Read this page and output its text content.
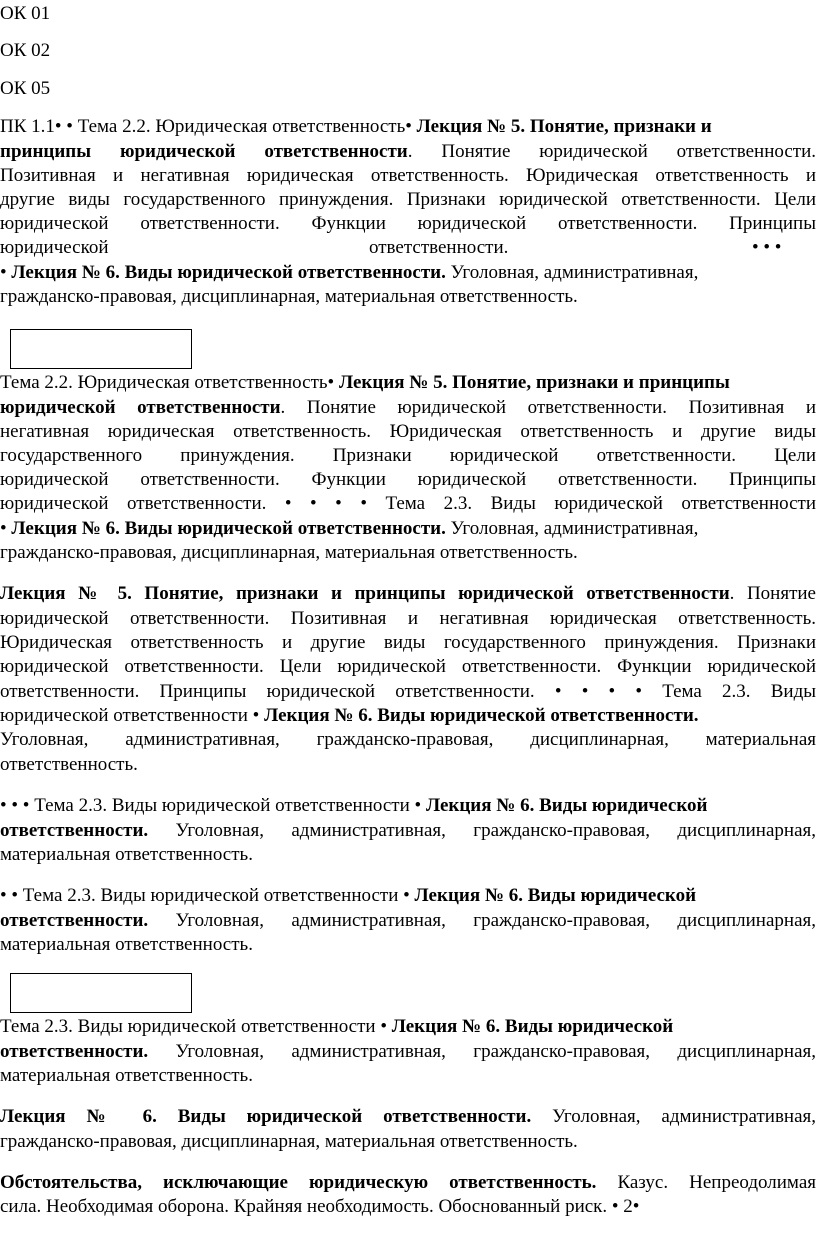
ОК 01
ОК 02
ОК 05
ПК 1.1• • Тема 2.2. Юридическая ответственность• Лекция № 5. Понятие, признаки и
принципы юридической ответственности. Понятие юридической ответственности.
Позитивная и негативная юридическая ответственность. Юридическая ответственность и
другие виды государственного принуждения. Признаки юридической ответственности. Цели
юридической ответственности. Функции юридической ответственности. Принципы
юридической	ответственности.	• • •
• Лекция № 6. Виды юридической ответственности. Уголовная, административная,
гражданско-правовая, дисциплинарная, материальная ответственность.
Тема 2.2. Юридическая ответственность• Лекция № 5. Понятие, признаки и принципы
юридической ответственности. Понятие юридической ответственности. Позитивная и
негативная юридическая ответственность. Юридическая ответственность и другие виды
государственного принуждения. Признаки юридической ответственности. Цели
юридической ответственности. Функции юридической ответственности. Принципы
юридической ответственности. • • • • Тема 2.3. Виды юридической ответственности
• Лекция № 6. Виды юридической ответственности. Уголовная, административная,
гражданско-правовая, дисциплинарная, материальная ответственность.
Лекция № 5. Понятие, признаки и принципы юридической ответственности. Понятие
юридической ответственности. Позитивная и негативная юридическая ответственность.
Юридическая ответственность и другие виды государственного принуждения. Признаки
юридической ответственности. Цели юридической ответственности. Функции юридической
ответственности. Принципы юридической ответственности. • • • • Тема 2.3. Виды
юридической ответственности • Лекция № 6. Виды юридической ответственности.
Уголовная, административная, гражданско-правовая, дисциплинарная, материальная
ответственность.
• • • Тема 2.3. Виды юридической ответственности • Лекция № 6. Виды юридической
ответственности. Уголовная, административная, гражданско-правовая, дисциплинарная,
материальная ответственность.
• • Тема 2.3. Виды юридической ответственности • Лекция № 6. Виды юридической
ответственности. Уголовная, административная, гражданско-правовая, дисциплинарная,
материальная ответственность.
Тема 2.3. Виды юридической ответственности • Лекция № 6. Виды юридической
ответственности. Уголовная, административная, гражданско-правовая, дисциплинарная,
материальная ответственность.
Лекция № 6. Виды юридической ответственности. Уголовная, административная,
гражданско-правовая, дисциплинарная, материальная ответственность.
Обстоятельства, исключающие юридическую ответственность. Казус. Непреодолимая
сила. Необходимая оборона. Крайняя необходимость. Обоснованный риск. • 2•
